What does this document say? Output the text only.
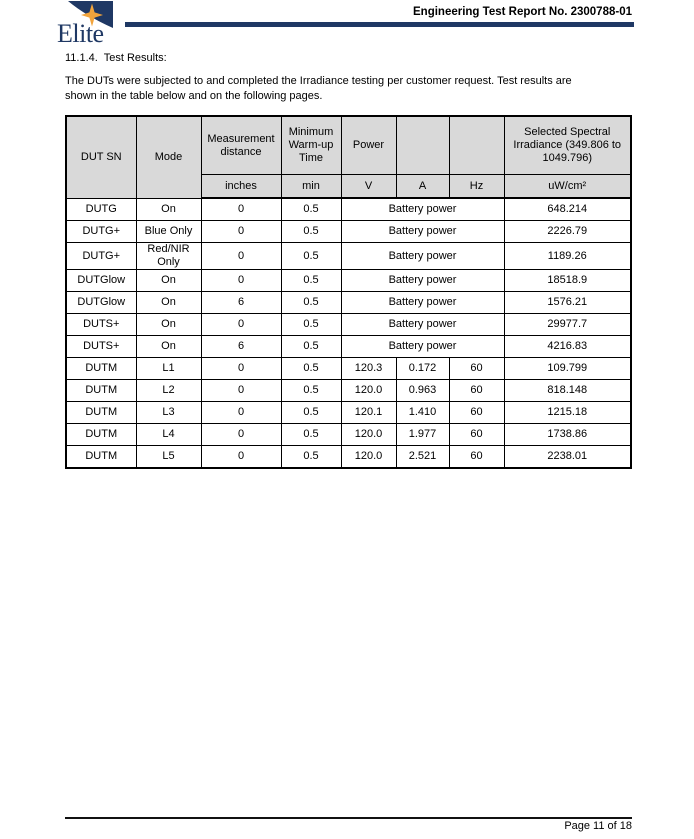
Elite
Engineering Test Report No. 2300788-01
11.1.4.  Test Results:
The DUTs were subjected to and completed the Irradiance testing per customer request. Test results are
shown in the table below and on the following pages.
DUT SN	Mode	Measurement distance	Minimum Warm-up Time	Power			Selected Spectral Irradiance (349.806 to 1049.796)
		inches	min	V	A	Hz	uW/cm²
DUTG	On	0	0.5	Battery power			648.214
DUTG+	Blue Only	0	0.5	Battery power			2226.79
DUTG+	Red/NIR Only	0	0.5	Battery power			1189.26
DUTGlow	On	0	0.5	Battery power			18518.9
DUTGlow	On	6	0.5	Battery power			1576.21
DUTS+	On	0	0.5	Battery power			29977.7
DUTS+	On	6	0.5	Battery power			4216.83
DUTM	L1	0	0.5	120.3	0.172	60	109.799
DUTM	L2	0	0.5	120.0	0.963	60	818.148
DUTM	L3	0	0.5	120.1	1.410	60	1215.18
DUTM	L4	0	0.5	120.0	1.977	60	1738.86
DUTM	L5	0	0.5	120.0	2.521	60	2238.01
Page 11 of 18
